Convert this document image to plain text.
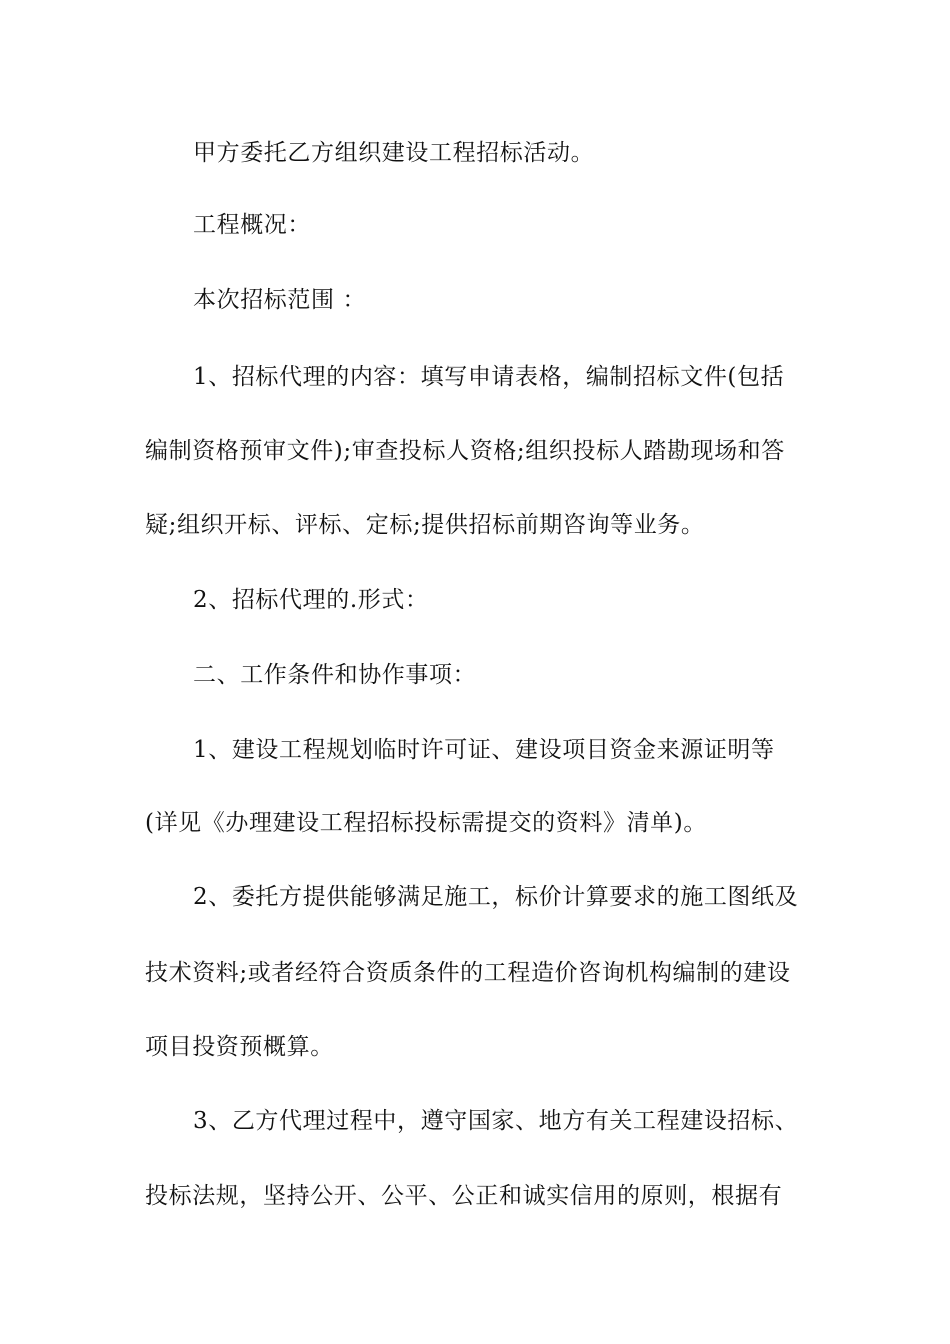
甲方委托乙方组织建设工程招标活动。

工程概况：

本次招标范围 ：

1、招标代理的内容：填写申请表格，编制招标文件(包括

编制资格预审文件);审查投标人资格;组织投标人踏勘现场和答

疑;组织开标、评标、定标;提供招标前期咨询等业务。

2、招标代理的.形式：

二、工作条件和协作事项：

1、建设工程规划临时许可证、建设项目资金来源证明等

(详见《办理建设工程招标投标需提交的资料》清单)。

2、委托方提供能够满足施工，标价计算要求的施工图纸及

技术资料;或者经符合资质条件的工程造价咨询机构编制的建设

项目投资预概算。

3、乙方代理过程中，遵守国家、地方有关工程建设招标、

投标法规，坚持公开、公平、公正和诚实信用的原则，根据有
